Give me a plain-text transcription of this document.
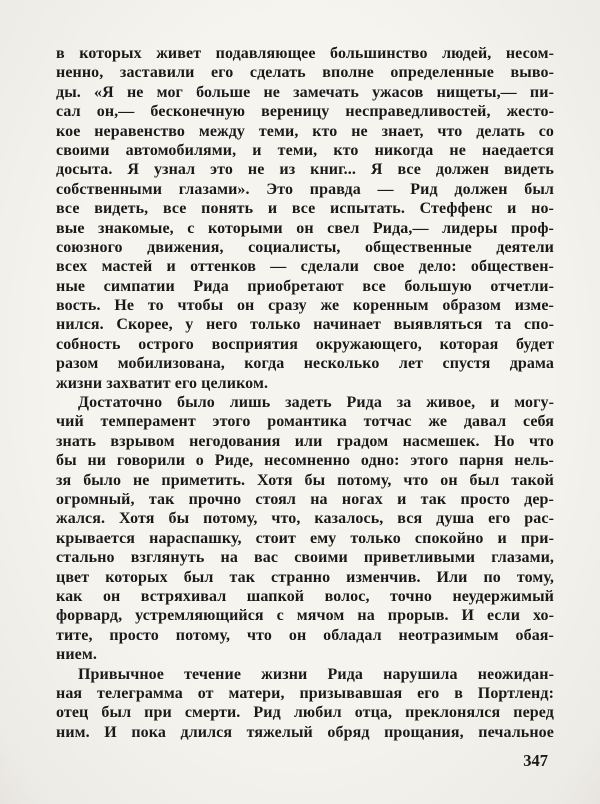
в которых живет подавляющее большинство людей, несом-
ненно, заставили его сделать вполне определенные выво-
ды. «Я не мог больше не замечать ужасов нищеты,— пи-
сал он,— бесконечную вереницу несправедливостей, жесто-
кое неравенство между теми, кто не знает, что делать со
своими автомобилями, и теми, кто никогда не наедается
досыта. Я узнал это не из книг... Я все должен видеть
собственными глазами». Это правда — Рид должен был
все видеть, все понять и все испытать. Стеффенс и но-
вые знакомые, с которыми он свел Рида,— лидеры проф-
союзного движения, социалисты, общественные деятели
всех мастей и оттенков — сделали свое дело: обществен-
ные симпатии Рида приобретают все большую отчетли-
вость. Не то чтобы он сразу же коренным образом изме-
нился. Скорее, у него только начинает выявляться та спо-
собность острого восприятия окружающего, которая будет
разом мобилизована, когда несколько лет спустя драма
жизни захватит его целиком.
Достаточно было лишь задеть Рида за живое, и могу-
чий темперамент этого романтика тотчас же давал себя
знать взрывом негодования или градом насмешек. Но что
бы ни говорили о Риде, несомненно одно: этого парня нель-
зя было не приметить. Хотя бы потому, что он был такой
огромный, так прочно стоял на ногах и так просто дер-
жался. Хотя бы потому, что, казалось, вся душа его рас-
крывается нараспашку, стоит ему только спокойно и при-
стально взглянуть на вас своими приветливыми глазами,
цвет которых был так странно изменчив. Или по тому,
как он встряхивал шапкой волос, точно неудержимый
форвард, устремляющийся с мячом на прорыв. И если хо-
тите, просто потому, что он обладал неотразимым обая-
нием.
Привычное течение жизни Рида нарушила неожидан-
ная телеграмма от матери, призывавшая его в Портленд:
отец был при смерти. Рид любил отца, преклонялся перед
ним. И пока длился тяжелый обряд прощания, печальное
347
